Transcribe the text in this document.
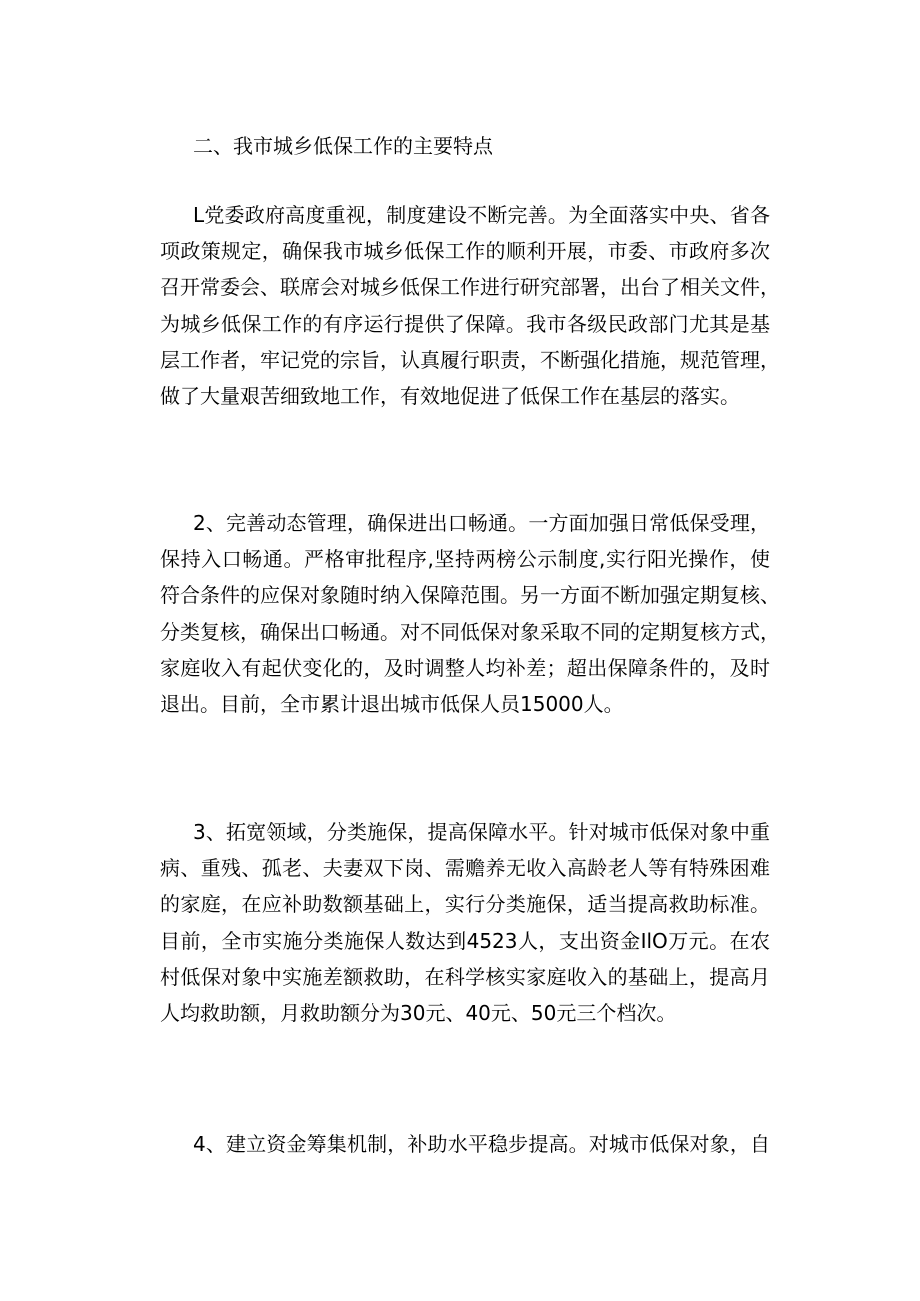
二、我市城乡低保工作的主要特点
L党委政府高度重视，制度建设不断完善。为全面落实中央、省各
项政策规定，确保我市城乡低保工作的顺利开展，市委、市政府多次
召开常委会、联席会对城乡低保工作进行研究部署，出台了相关文件，
为城乡低保工作的有序运行提供了保障。我市各级民政部门尤其是基
层工作者，牢记党的宗旨，认真履行职责，不断强化措施，规范管理，
做了大量艰苦细致地工作，有效地促进了低保工作在基层的落实。
2、完善动态管理，确保进出口畅通。一方面加强日常低保受理，
保持入口畅通。严格审批程序,坚持两榜公示制度,实行阳光操作，使
符合条件的应保对象随时纳入保障范围。另一方面不断加强定期复核、
分类复核，确保出口畅通。对不同低保对象采取不同的定期复核方式，
家庭收入有起伏变化的，及时调整人均补差；超出保障条件的，及时
退出。目前，全市累计退出城市低保人员15000人。
3、拓宽领域，分类施保，提高保障水平。针对城市低保对象中重
病、重残、孤老、夫妻双下岗、需赡养无收入高龄老人等有特殊困难
的家庭，在应补助数额基础上，实行分类施保，适当提高救助标准。
目前，全市实施分类施保人数达到4523人，支出资金IlO万元。在农
村低保对象中实施差额救助，在科学核实家庭收入的基础上，提高月
人均救助额，月救助额分为30元、40元、50元三个档次。
4、建立资金筹集机制，补助水平稳步提高。对城市低保对象，自
